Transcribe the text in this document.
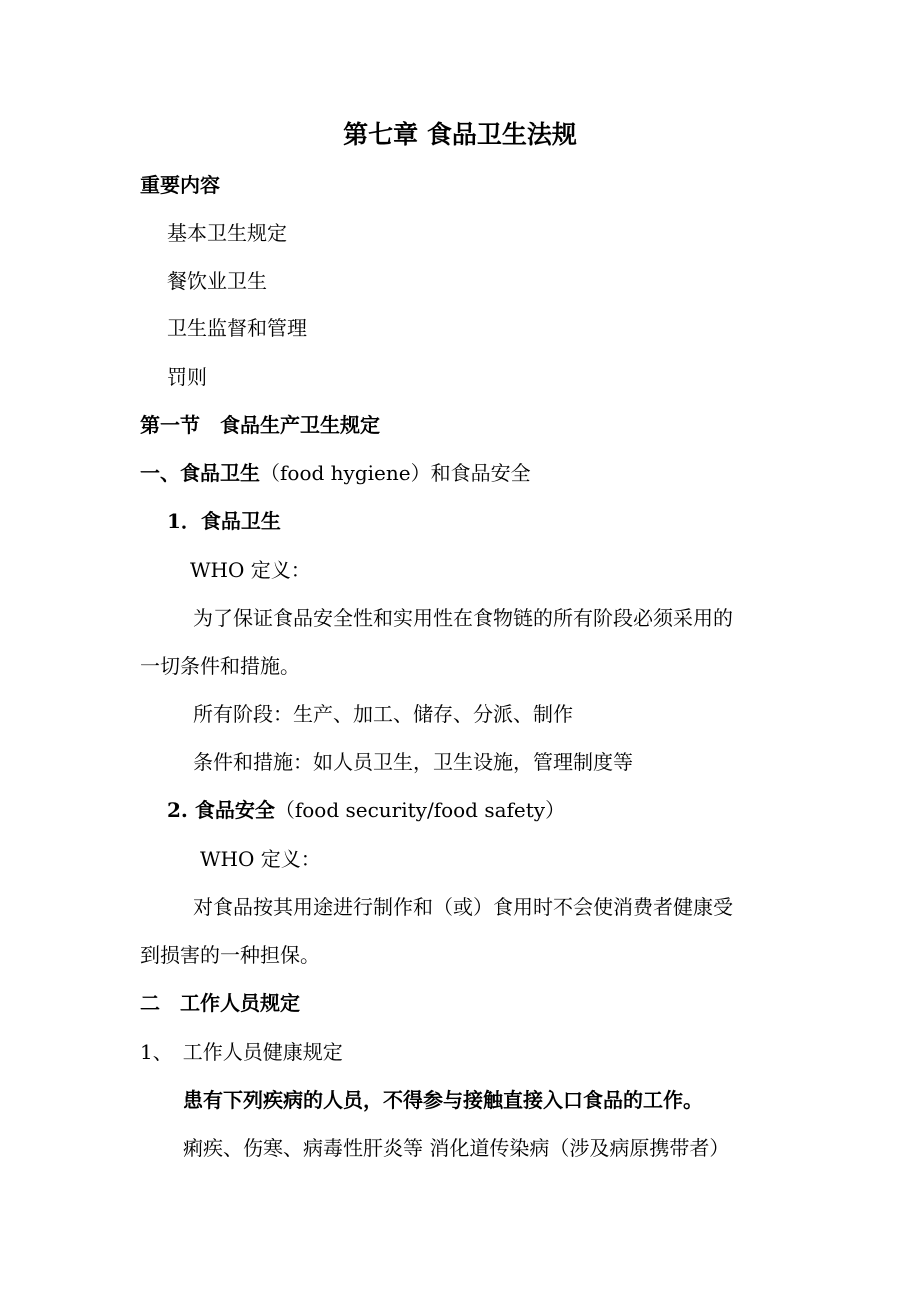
第七章 食品卫生法规
重要内容
基本卫生规定
餐饮业卫生
卫生监督和管理
罚则
第一节　食品生产卫生规定
一、食品卫生（food hygiene）和食品安全
1．食品卫生
WHO 定义：
为了保证食品安全性和实用性在食物链的所有阶段必须采用的
一切条件和措施。
所有阶段：生产、加工、储存、分派、制作
条件和措施：如人员卫生，卫生设施，管理制度等
2. 食品安全（food security/food safety）
WHO 定义：
对食品按其用途进行制作和（或）食用时不会使消费者健康受
到损害的一种担保。
二　工作人员规定
1、　工作人员健康规定
患有下列疾病的人员，不得参与接触直接入口食品的工作。
痢疾、伤寒、病毒性肝炎等 消化道传染病（涉及病原携带者）
